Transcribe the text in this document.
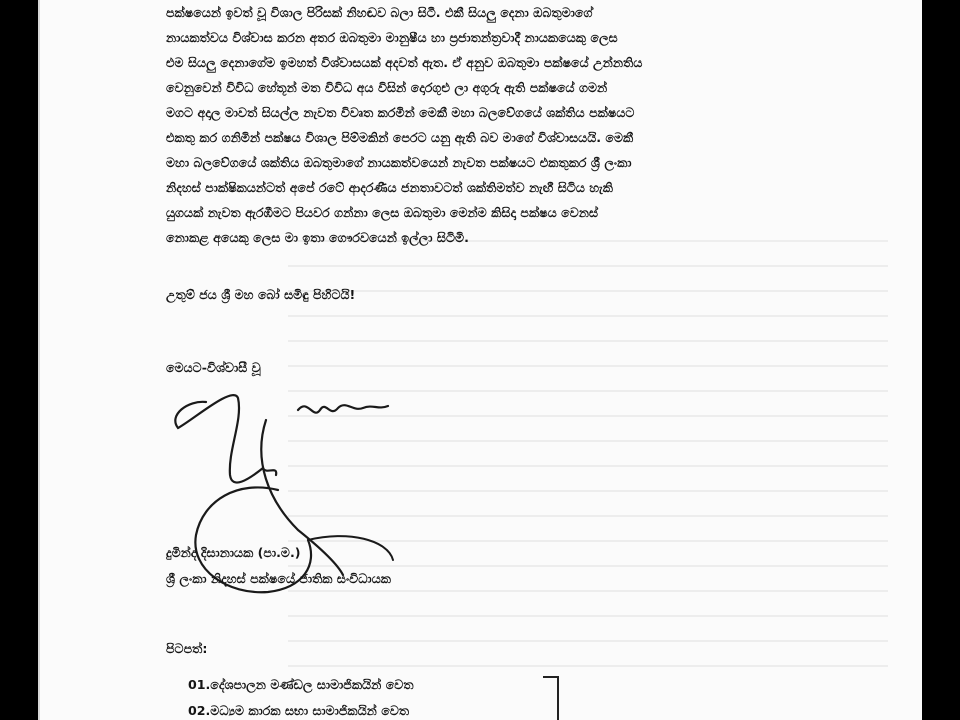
පක්ෂයෙන් ඉවත් වූ විශාල පිරිසක් නිහඬව බලා සිටී. එකී සියලු දෙනා ඔබතුමාගේ
නායකත්වය විශ්වාස කරන අතර ඔබතුමා මානුෂීය හා ප්‍රජාතන්ත්‍රවාදී නායකයෙකු ලෙස
එම සියලු දෙනාගේම ඉමහත් විශ්වාසයක් අදවත් ඇත. ඒ අනුව ඔබතුමා පක්ෂයේ උන්නතිය
වෙනුවෙන් විවිධ හේතූන් මත විවිධ අය විසින් දොරගුළු ලා අගුරු ඇති පක්ෂයේ ගමන්
මගට අදාල මාවත් සියල්ල නැවත විවෘත කරමින් මෙකී මහා බලවේගයේ ශක්තිය පක්ෂයට
එකතු කර ගනිමින් පක්ෂය විශාල පිම්මකින් පෙරට යනු ඇති බව මාගේ විශ්වාසයයි. මෙකී
මහා බලවේගයේ ශක්තිය ඔබතුමාගේ නායකත්වයෙන් නැවත පක්ෂයට එකතුකර ශ්‍රී ලංකා
නිදහස් පාක්ෂිකයන්ටත් අපේ රටේ ආදරණීය ජනතාවටත් ශක්තිමත්ව නැඟී සිටිය හැකි
යුගයක් නැවත ඇරඹීමට පියවර ගන්නා ලෙස ඔබතුමා මෙන්ම කිසිදා පක්ෂය වෙනස්
නොකළ අයෙකු ලෙස මා ඉතා ගෞරවයෙන් ඉල්ලා සිටිමි.
උතුම් ජය ශ්‍රී මහ බෝ සමිඳු පිහිටයි!
මෙයට-විශ්වාසී වූ
දුමින්ද දිසානායක (පා.ම.)
ශ්‍රී ලංකා නිදහස් පක්ෂයේ ජාතික සංවිධායක
පිටපත්:
01.දේශපාලන මණ්ඩල සාමාජිකයින් වෙත
02.මධ්‍යම කාරක සභා සාමාජිකයින් වෙත
